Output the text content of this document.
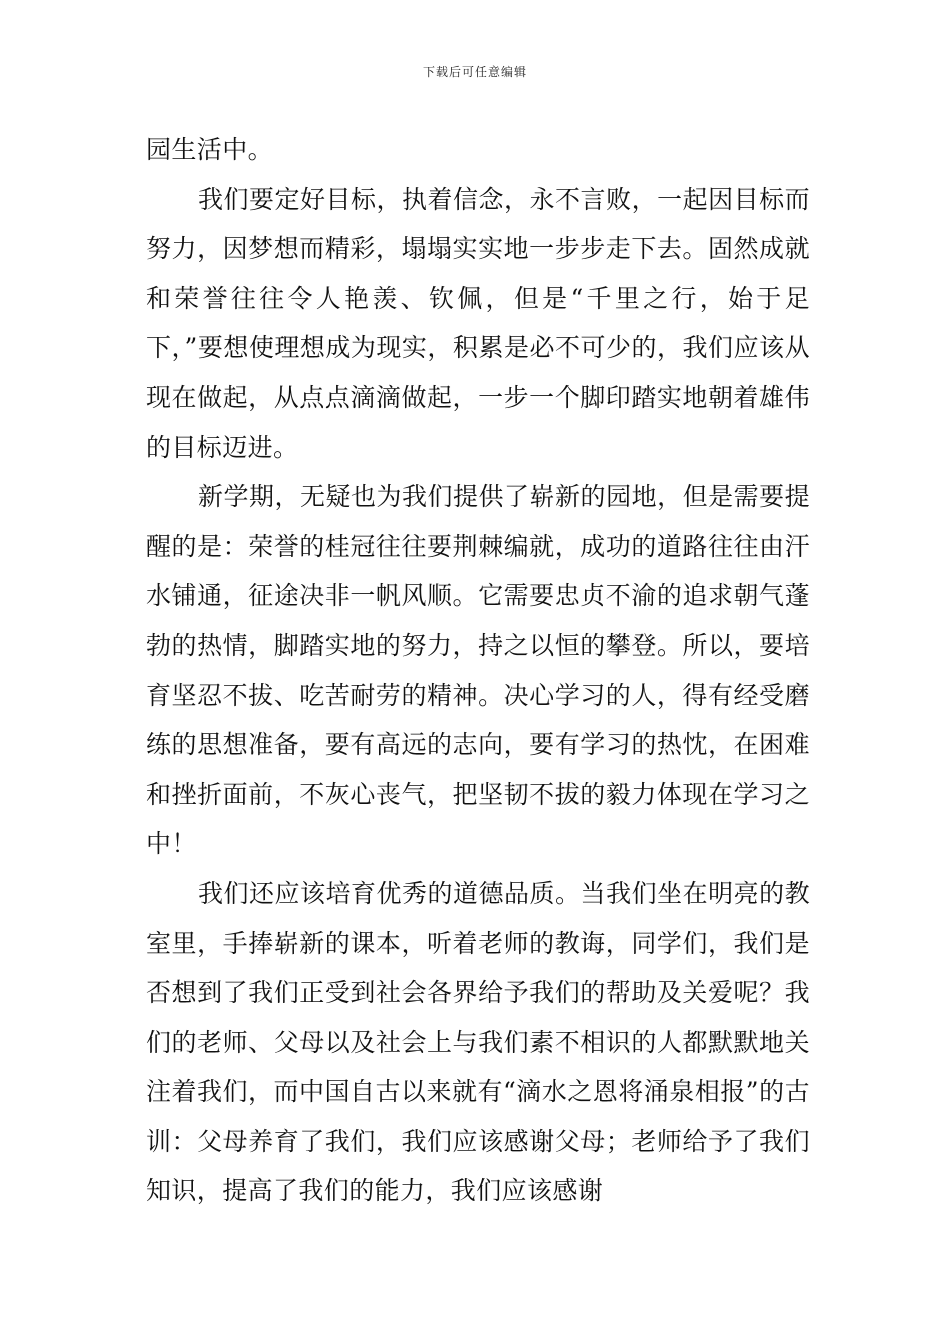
下载后可任意编辑

园生活中。

我们要定好目标，执着信念，永不言败，一起因目标而努力，因梦想而精彩，塌塌实实地一步步走下去。固然成就和荣誉往往令人艳羡、钦佩，但是“千里之行，始于足下，”要想使理想成为现实，积累是必不可少的，我们应该从现在做起，从点点滴滴做起，一步一个脚印踏实地朝着雄伟的目标迈进。

新学期，无疑也为我们提供了崭新的园地，但是需要提醒的是：荣誉的桂冠往往要荆棘编就，成功的道路往往由汗水铺通，征途决非一帆风顺。它需要忠贞不渝的追求朝气蓬勃的热情，脚踏实地的努力，持之以恒的攀登。所以，要培育坚忍不拔、吃苦耐劳的精神。决心学习的人，得有经受磨练的思想准备，要有高远的志向，要有学习的热忱，在困难和挫折面前，不灰心丧气，把坚韧不拔的毅力体现在学习之中！

我们还应该培育优秀的道德品质。当我们坐在明亮的教室里，手捧崭新的课本，听着老师的教诲，同学们，我们是否想到了我们正受到社会各界给予我们的帮助及关爱呢？我们的老师、父母以及社会上与我们素不相识的人都默默地关注着我们，而中国自古以来就有“滴水之恩将涌泉相报”的古训：父母养育了我们，我们应该感谢父母；老师给予了我们知识，提高了我们的能力，我们应该感谢
